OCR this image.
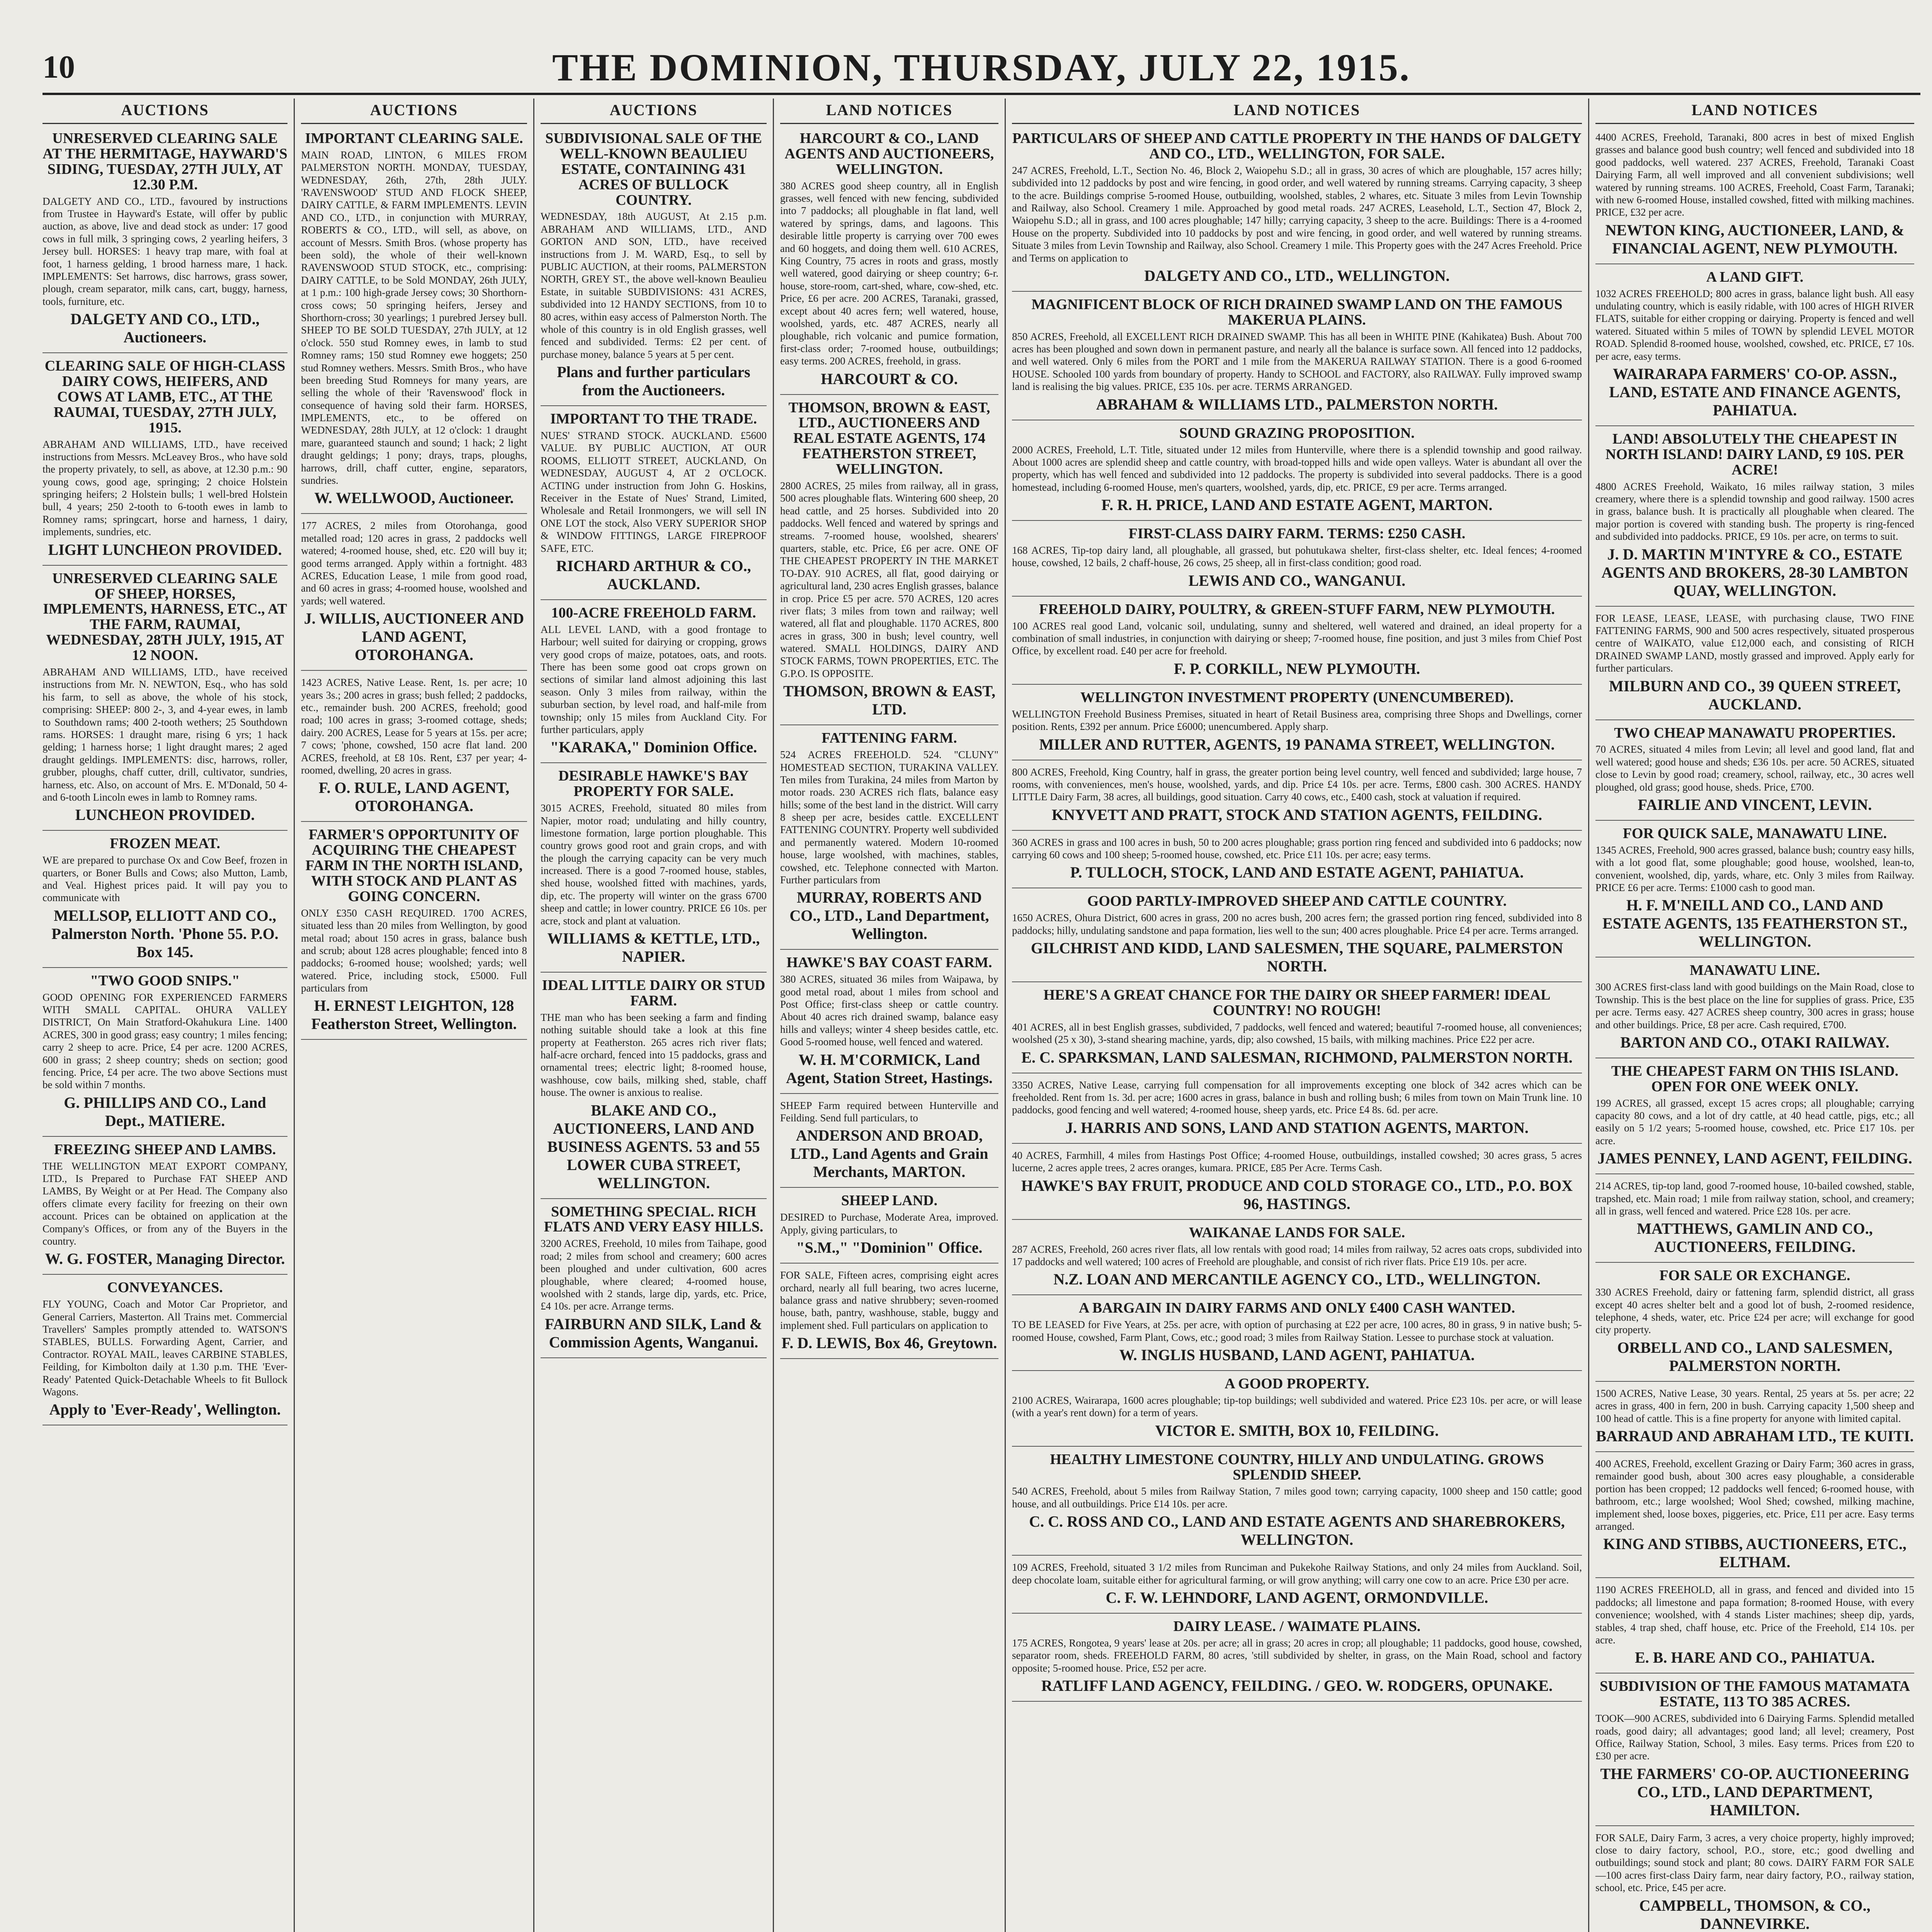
10	THE DOMINION, THURSDAY, JULY 22, 1915.
AUCTIONS
UNRESERVED CLEARING SALE AT THE HERMITAGE, HAYWARD'S SIDING, TUESDAY, 27TH JULY, AT 12.30 P.M.

DALGETY AND CO., LTD., favoured by instructions from Trustee in Hayward's Estate, will offer by public auction, as above, live and dead stock as under: 17 good cows in full milk, 3 springing cows, 2 yearling heifers, 3 Jersey bull. HORSES: 1 heavy trap mare, with foal at foot, 1 harness gelding, 1 brood harness mare, 1 hack. IMPLEMENTS: Set harrows, disc harrows, grass sower, plough, cream separator, milk cans, cart, buggy, harness, tools, furniture, etc.

DALGETY AND CO., LTD., Auctioneers.
CLEARING SALE OF HIGH-CLASS DAIRY COWS, HEIFERS, AND COWS AT LAMB, ETC., AT THE RAUMAI, TUESDAY, 27TH JULY, 1915.

ABRAHAM AND WILLIAMS, LTD., have received instructions from Messrs. McLeavey Bros., who have sold the property privately, to sell, as above, at 12.30 p.m.: 90 young cows, good age, springing; 2 choice Holstein springing heifers; 2 Holstein bulls; 1 well-bred Holstein bull, 4 years; 250 2-tooth to 6-tooth ewes in lamb to Romney rams; springcart, horse and harness, 1 dairy, implements, sundries, etc.

LIGHT LUNCHEON PROVIDED.
UNRESERVED CLEARING SALE OF SHEEP, HORSES, IMPLEMENTS, HARNESS, ETC., AT THE FARM, RAUMAI, WEDNESDAY, 28TH JULY, 1915, AT 12 NOON.

ABRAHAM AND WILLIAMS, LTD., have received instructions from Mr. N. NEWTON, Esq., who has sold his farm, to sell as above, the whole of his stock, comprising: SHEEP: 800 2-, 3, and 4-year ewes, in lamb to Southdown rams; 400 2-tooth wethers; 25 Southdown rams. HORSES: 1 draught mare, rising 6 yrs; 1 hack gelding; 1 harness horse; 1 light draught mares; 2 aged draught geldings. IMPLEMENTS: disc, harrows, roller, grubber, ploughs, chaff cutter, drill, cultivator, sundries, harness, etc. Also, on account of Mrs. E. M'Donald, 50 4- and 6-tooth Lincoln ewes in lamb to Romney rams.

LUNCHEON PROVIDED.
FROZEN MEAT.

WE are prepared to purchase Ox and Cow Beef, frozen in quarters, or Boner Bulls and Cows; also Mutton, Lamb, and Veal. Highest prices paid. It will pay you to communicate with

MELLSOP, ELLIOTT AND CO., Palmerston North. 'Phone 55. P.O. Box 145.
"TWO GOOD SNIPS."

GOOD OPENING FOR EXPERIENCED FARMERS WITH SMALL CAPITAL. OHURA VALLEY DISTRICT, On Main Stratford-Okahukura Line. 1400 ACRES, 300 in good grass; easy country; 1 miles fencing; carry 2 sheep to acre. Price, £4 per acre. 1200 ACRES, 600 in grass; 2 sheep country; sheds on section; good fencing. Price, £4 per acre. The two above Sections must be sold within 7 months.

G. PHILLIPS AND CO., Land Dept., MATIERE.
FREEZING SHEEP AND LAMBS.

THE WELLINGTON MEAT EXPORT COMPANY, LTD., Is Prepared to Purchase FAT SHEEP AND LAMBS, By Weight or at Per Head. The Company also offers climate every facility for freezing on their own account. Prices can be obtained on application at the Company's Offices, or from any of the Buyers in the country.

W. G. FOSTER, Managing Director.
CONVEYANCES.

FLY YOUNG, Coach and Motor Car Proprietor, and General Carriers, Masterton. All Trains met. Commercial Travellers' Samples promptly attended to. WATSON'S STABLES, BULLS. Forwarding Agent, Carrier, and Contractor. ROYAL MAIL, leaves CARBINE STABLES, Feilding, for Kimbolton daily at 1.30 p.m. THE 'Ever-Ready' Patented Quick-Detachable Wheels to fit Bullock Wagons.

Apply to 'Ever-Ready', Wellington.
AUCTIONS
IMPORTANT CLEARING SALE.

MAIN ROAD, LINTON, 6 MILES FROM PALMERSTON NORTH. MONDAY, TUESDAY, WEDNESDAY, 26th, 27th, 28th JULY. 'RAVENSWOOD' STUD AND FLOCK SHEEP, DAIRY CATTLE, & FARM IMPLEMENTS. LEVIN AND CO., LTD., in conjunction with MURRAY, ROBERTS & CO., LTD., will sell, as above, on account of Messrs. Smith Bros. (whose property has been sold), the whole of their well-known RAVENSWOOD STUD STOCK, etc., comprising: DAIRY CATTLE, to be Sold MONDAY, 26th JULY, at 1 p.m.: 100 high-grade Jersey cows; 30 Shorthorn-cross cows; 50 springing heifers, Jersey and Shorthorn-cross; 30 yearlings; 1 purebred Jersey bull. SHEEP TO BE SOLD TUESDAY, 27th JULY, at 12 o'clock. 550 stud Romney ewes, in lamb to stud Romney rams; 150 stud Romney ewe hoggets; 250 stud Romney wethers. Messrs. Smith Bros., who have been breeding Stud Romneys for many years, are selling the whole of their 'Ravenswood' flock in consequence of having sold their farm. HORSES, IMPLEMENTS, etc., to be offered on WEDNESDAY, 28th JULY, at 12 o'clock: 1 draught mare, guaranteed staunch and sound; 1 hack; 2 light draught geldings; 1 pony; drays, traps, ploughs, harrows, drill, chaff cutter, engine, separators, sundries.

W. WELLWOOD, Auctioneer.

177 ACRES, 2 miles from Otorohanga, good metalled road; 120 acres in grass, 2 paddocks well watered; 4-roomed house, shed, etc. £20 will buy it; good terms arranged. Apply within a fortnight. 483 ACRES, Education Lease, 1 mile from good road, and 60 acres in grass; 4-roomed house, woolshed and yards; well watered.

J. WILLIS, AUCTIONEER AND LAND AGENT, OTOROHANGA.

1423 ACRES, Native Lease. Rent, 1s. per acre; 10 years 3s.; 200 acres in grass; bush felled; 2 paddocks, etc., remainder bush. 200 ACRES, freehold; good road; 100 acres in grass; 3-roomed cottage, sheds; dairy. 200 ACRES, Lease for 5 years at 15s. per acre; 7 cows; 'phone, cowshed, 150 acre flat land. 200 ACRES, freehold, at £8 10s. Rent, £37 per year; 4-roomed, dwelling, 20 acres in grass.

F. O. RULE, LAND AGENT, OTOROHANGA.
FARMER'S OPPORTUNITY OF ACQUIRING THE CHEAPEST FARM IN THE NORTH ISLAND, WITH STOCK AND PLANT AS GOING CONCERN.

ONLY £350 CASH REQUIRED. 1700 ACRES, situated less than 20 miles from Wellington, by good metal road; about 150 acres in grass, balance bush and scrub; about 128 acres ploughable; fenced into 8 paddocks; 6-roomed house; woolshed; yards; well watered. Price, including stock, £5000. Full particulars from

H. ERNEST LEIGHTON, 128 Featherston Street, Wellington.
AUCTIONS
SUBDIVISIONAL SALE OF THE WELL-KNOWN BEAULIEU ESTATE, CONTAINING 431 ACRES OF BULLOCK COUNTRY.

WEDNESDAY, 18th AUGUST, At 2.15 p.m. ABRAHAM AND WILLIAMS, LTD., AND GORTON AND SON, LTD., have received instructions from J. M. WARD, Esq., to sell by PUBLIC AUCTION, at their rooms, PALMERSTON NORTH, GREY ST., the above well-known Beaulieu Estate, in suitable SUBDIVISIONS: 431 ACRES, subdivided into 12 HANDY SECTIONS, from 10 to 80 acres, within easy access of Palmerston North. The whole of this country is in old English grasses, well fenced and subdivided. Terms: £2 per cent. of purchase money, balance 5 years at 5 per cent.

Plans and further particulars from the Auctioneers.
IMPORTANT TO THE TRADE.

NUES' STRAND STOCK. AUCKLAND. £5600 VALUE. BY PUBLIC AUCTION, AT OUR ROOMS, ELLIOTT STREET, AUCKLAND, On WEDNESDAY, AUGUST 4, AT 2 O'CLOCK. ACTING under instruction from John G. Hoskins, Receiver in the Estate of Nues' Strand, Limited, Wholesale and Retail Ironmongers, we will sell IN ONE LOT the stock, Also VERY SUPERIOR SHOP & WINDOW FITTINGS, LARGE FIREPROOF SAFE, ETC.

RICHARD ARTHUR & CO., AUCKLAND.
100-ACRE FREEHOLD FARM.

ALL LEVEL LAND, with a good frontage to Harbour; well suited for dairying or cropping, grows very good crops of maize, potatoes, oats, and roots. There has been some good oat crops grown on sections of similar land almost adjoining this last season. Only 3 miles from railway, within the suburban section, by level road, and half-mile from township; only 15 miles from Auckland City. For further particulars, apply

"KARAKA," Dominion Office.
DESIRABLE HAWKE'S BAY PROPERTY FOR SALE.

3015 ACRES, Freehold, situated 80 miles from Napier, motor road; undulating and hilly country, limestone formation, large portion ploughable. This country grows good root and grain crops, and with the plough the carrying capacity can be very much increased. There is a good 7-roomed house, stables, shed house, woolshed fitted with machines, yards, dip, etc. The property will winter on the grass 6700 sheep and cattle; in lower country. PRICE £6 10s. per acre, stock and plant at valuation.

WILLIAMS & KETTLE, LTD., NAPIER.
IDEAL LITTLE DAIRY OR STUD FARM.

THE man who has been seeking a farm and finding nothing suitable should take a look at this fine property at Featherston. 265 acres rich river flats; half-acre orchard, fenced into 15 paddocks, grass and ornamental trees; electric light; 8-roomed house, washhouse, cow bails, milking shed, stable, chaff house. The owner is anxious to realise.

BLAKE AND CO., AUCTIONEERS, LAND AND BUSINESS AGENTS. 53 and 55 LOWER CUBA STREET, WELLINGTON.
SOMETHING SPECIAL. RICH FLATS AND VERY EASY HILLS.

3200 ACRES, Freehold, 10 miles from Taihape, good road; 2 miles from school and creamery; 600 acres been ploughed and under cultivation, 600 acres ploughable, where cleared; 4-roomed house, woolshed with 2 stands, large dip, yards, etc. Price, £4 10s. per acre. Arrange terms.

FAIRBURN AND SILK, Land & Commission Agents, Wanganui.
LAND NOTICES
HARCOURT & CO., LAND AGENTS AND AUCTIONEERS, WELLINGTON.

380 ACRES good sheep country, all in English grasses, well fenced with new fencing, subdivided into 7 paddocks; all ploughable in flat land, well watered by springs, dams, and lagoons. This desirable little property is carrying over 700 ewes and 60 hoggets, and doing them well. 610 ACRES, King Country, 75 acres in roots and grass, mostly well watered, good dairying or sheep country; 6-r. house, store-room, cart-shed, whare, cow-shed, etc. Price, £6 per acre. 200 ACRES, Taranaki, grassed, except about 40 acres fern; well watered, house, woolshed, yards, etc. 487 ACRES, nearly all ploughable, rich volcanic and pumice formation, first-class order; 7-roomed house, outbuildings; easy terms. 200 ACRES, freehold, in grass.

HARCOURT & CO.
THOMSON, BROWN & EAST, LTD., AUCTIONEERS AND REAL ESTATE AGENTS, 174 FEATHERSTON STREET, WELLINGTON.

2800 ACRES, 25 miles from railway, all in grass, 500 acres ploughable flats. Wintering 600 sheep, 20 head cattle, and 25 horses. Subdivided into 20 paddocks. Well fenced and watered by springs and streams. 7-roomed house, woolshed, shearers' quarters, stable, etc. Price, £6 per acre. ONE OF THE CHEAPEST PROPERTY IN THE MARKET TO-DAY. 910 ACRES, all flat, good dairying or agricultural land, 230 acres English grasses, balance in crop. Price £5 per acre. 570 ACRES, 120 acres river flats; 3 miles from town and railway; well watered, all flat and ploughable. 1170 ACRES, 800 acres in grass, 300 in bush; level country, well watered. SMALL HOLDINGS, DAIRY AND STOCK FARMS, TOWN PROPERTIES, ETC. The G.P.O. IS OPPOSITE.

THOMSON, BROWN & EAST, LTD.
FATTENING FARM.

524 ACRES FREEHOLD. 524. "CLUNY" HOMESTEAD SECTION, TURAKINA VALLEY. Ten miles from Turakina, 24 miles from Marton by motor roads. 230 ACRES rich flats, balance easy hills; some of the best land in the district. Will carry 8 sheep per acre, besides cattle. EXCELLENT FATTENING COUNTRY. Property well subdivided and permanently watered. Modern 10-roomed house, large woolshed, with machines, stables, cowshed, etc. Telephone connected with Marton. Further particulars from

MURRAY, ROBERTS AND CO., LTD., Land Department, Wellington.
HAWKE'S BAY COAST FARM.

380 ACRES, situated 36 miles from Waipawa, by good metal road, about 1 miles from school and Post Office; first-class sheep or cattle country. About 40 acres rich drained swamp, balance easy hills and valleys; winter 4 sheep besides cattle, etc. Good 5-roomed house, well fenced and watered.

W. H. M'CORMICK, Land Agent, Station Street, Hastings.

SHEEP Farm required between Hunterville and Feilding. Send full particulars, to

ANDERSON AND BROAD, LTD., Land Agents and Grain Merchants, MARTON.
SHEEP LAND.

DESIRED to Purchase, Moderate Area, improved. Apply, giving particulars, to

"S.M.," "Dominion" Office.

FOR SALE, Fifteen acres, comprising eight acres orchard, nearly all full bearing, two acres lucerne, balance grass and native shrubbery; seven-roomed house, bath, pantry, washhouse, stable, buggy and implement shed. Full particulars on application to

F. D. LEWIS, Box 46, Greytown.
LAND NOTICES
PARTICULARS OF SHEEP AND CATTLE PROPERTY IN THE HANDS OF DALGETY AND CO., LTD., WELLINGTON, FOR SALE.

247 ACRES, Freehold, L.T., Section No. 46, Block 2, Waiopehu S.D.; all in grass, 30 acres of which are ploughable, 157 acres hilly; subdivided into 12 paddocks by post and wire fencing, in good order, and well watered by running streams. Carrying capacity, 3 sheep to the acre. Buildings comprise 5-roomed House, outbuilding, woolshed, stables, 2 whares, etc. Situate 3 miles from Levin Township and Railway, also School. Creamery 1 mile. Approached by good metal roads. 247 ACRES, Leasehold, L.T., Section 47, Block 2, Waiopehu S.D.; all in grass, and 100 acres ploughable; 147 hilly; carrying capacity, 3 sheep to the acre. Buildings: There is a 4-roomed House on the property. Subdivided into 10 paddocks by post and wire fencing, in good order, and well watered by running streams. Situate 3 miles from Levin Township and Railway, also School. Creamery 1 mile. This Property goes with the 247 Acres Freehold. Price and Terms on application to

DALGETY AND CO., LTD., WELLINGTON.
MAGNIFICENT BLOCK OF RICH DRAINED SWAMP LAND ON THE FAMOUS MAKERUA PLAINS.

850 ACRES, Freehold, all EXCELLENT RICH DRAINED SWAMP. This has all been in WHITE PINE (Kahikatea) Bush. About 700 acres has been ploughed and sown down in permanent pasture, and nearly all the balance is surface sown. All fenced into 12 paddocks, and well watered. Only 6 miles from the PORT and 1 mile from the MAKERUA RAILWAY STATION. There is a good 6-roomed HOUSE. Schooled 100 yards from boundary of property. Handy to SCHOOL and FACTORY, also RAILWAY. Fully improved swamp land is realising the big values. PRICE, £35 10s. per acre. TERMS ARRANGED.

ABRAHAM & WILLIAMS LTD., PALMERSTON NORTH.
SOUND GRAZING PROPOSITION.

2000 ACRES, Freehold, L.T. Title, situated under 12 miles from Hunterville, where there is a splendid township and good railway. About 1000 acres are splendid sheep and cattle country, with broad-topped hills and wide open valleys. Water is abundant all over the property, which has well fenced and subdivided into 12 paddocks. The property is subdivided into several paddocks. There is a good homestead, including 6-roomed House, men's quarters, woolshed, yards, dip, etc. PRICE, £9 per acre. Terms arranged.

F. R. H. PRICE, LAND AND ESTATE AGENT, MARTON.
FIRST-CLASS DAIRY FARM. TERMS: £250 CASH.

168 ACRES, Tip-top dairy land, all ploughable, all grassed, but pohutukawa shelter, first-class shelter, etc. Ideal fences; 4-roomed house, cowshed, 12 bails, 2 chaff-house, 26 cows, 25 sheep, all in first-class condition; good road.

LEWIS AND CO., WANGANUI.
FREEHOLD DAIRY, POULTRY, & GREEN-STUFF FARM, NEW PLYMOUTH.

100 ACRES real good Land, volcanic soil, undulating, sunny and sheltered, well watered and drained, an ideal property for a combination of small industries, in conjunction with dairying or sheep; 7-roomed house, fine position, and just 3 miles from Chief Post Office, by excellent road. £40 per acre for freehold.

F. P. CORKILL, NEW PLYMOUTH.
WELLINGTON INVESTMENT PROPERTY (UNENCUMBERED).

WELLINGTON Freehold Business Premises, situated in heart of Retail Business area, comprising three Shops and Dwellings, corner position. Rents, £392 per annum. Price £6000; unencumbered. Apply sharp.

MILLER AND RUTTER, AGENTS, 19 PANAMA STREET, WELLINGTON.

800 ACRES, Freehold, King Country, half in grass, the greater portion being level country, well fenced and subdivided; large house, 7 rooms, with conveniences, men's house, woolshed, yards, and dip. Price £4 10s. per acre. Terms, £800 cash. 300 ACRES. HANDY LITTLE Dairy Farm, 38 acres, all buildings, good situation. Carry 40 cows, etc., £400 cash, stock at valuation if required.

KNYVETT AND PRATT, STOCK AND STATION AGENTS, FEILDING.

360 ACRES in grass and 100 acres in bush, 50 to 200 acres ploughable; grass portion ring fenced and subdivided into 6 paddocks; now carrying 60 cows and 100 sheep; 5-roomed house, cowshed, etc. Price £11 10s. per acre; easy terms.

P. TULLOCH, STOCK, LAND AND ESTATE AGENT, PAHIATUA.
GOOD PARTLY-IMPROVED SHEEP AND CATTLE COUNTRY.

1650 ACRES, Ohura District, 600 acres in grass, 200 no acres bush, 200 acres fern; the grassed portion ring fenced, subdivided into 8 paddocks; hilly, undulating sandstone and papa formation, lies well to the sun; 400 acres ploughable. Price £4 per acre. Terms arranged.

GILCHRIST AND KIDD, LAND SALESMEN, THE SQUARE, PALMERSTON NORTH.
HERE'S A GREAT CHANCE FOR THE DAIRY OR SHEEP FARMER! IDEAL COUNTRY! NO ROUGH!

401 ACRES, all in best English grasses, subdivided, 7 paddocks, well fenced and watered; beautiful 7-roomed house, all conveniences; woolshed (25 x 30), 3-stand shearing machine, yards, dip; also cowshed, 15 bails, with milking machines. Price £22 per acre.

E. C. SPARKSMAN, LAND SALESMAN, RICHMOND, PALMERSTON NORTH.

3350 ACRES, Native Lease, carrying full compensation for all improvements excepting one block of 342 acres which can be freeholded. Rent from 1s. 3d. per acre; 1600 acres in grass, balance in bush and rolling bush; 6 miles from town on Main Trunk line. 10 paddocks, good fencing and well watered; 4-roomed house, sheep yards, etc. Price £4 8s. 6d. per acre.

J. HARRIS AND SONS, LAND AND STATION AGENTS, MARTON.

40 ACRES, Farmhill, 4 miles from Hastings Post Office; 4-roomed House, outbuildings, installed cowshed; 30 acres grass, 5 acres lucerne, 2 acres apple trees, 2 acres oranges, kumara. PRICE, £85 Per Acre. Terms Cash.

HAWKE'S BAY FRUIT, PRODUCE AND COLD STORAGE CO., LTD., P.O. BOX 96, HASTINGS.
WAIKANAE LANDS FOR SALE.

287 ACRES, Freehold, 260 acres river flats, all low rentals with good road; 14 miles from railway, 52 acres oats crops, subdivided into 17 paddocks and well watered; 100 acres of Freehold are ploughable, and consist of rich river flats. Price £19 10s. per acre.

N.Z. LOAN AND MERCANTILE AGENCY CO., LTD., WELLINGTON.
A BARGAIN IN DAIRY FARMS AND ONLY £400 CASH WANTED.

TO BE LEASED for Five Years, at 25s. per acre, with option of purchasing at £22 per acre, 100 acres, 80 in grass, 9 in native bush; 5-roomed House, cowshed, Farm Plant, Cows, etc.; good road; 3 miles from Railway Station. Lessee to purchase stock at valuation.

W. INGLIS HUSBAND, LAND AGENT, PAHIATUA.
A GOOD PROPERTY.

2100 ACRES, Wairarapa, 1600 acres ploughable; tip-top buildings; well subdivided and watered. Price £23 10s. per acre, or will lease (with a year's rent down) for a term of years.

VICTOR E. SMITH, BOX 10, FEILDING.
HEALTHY LIMESTONE COUNTRY, HILLY AND UNDULATING. GROWS SPLENDID SHEEP.

540 ACRES, Freehold, about 5 miles from Railway Station, 7 miles good town; carrying capacity, 1000 sheep and 150 cattle; good house, and all outbuildings. Price £14 10s. per acre.

C. C. ROSS AND CO., LAND AND ESTATE AGENTS AND SHAREBROKERS, WELLINGTON.

109 ACRES, Freehold, situated 3 1/2 miles from Runciman and Pukekohe Railway Stations, and only 24 miles from Auckland. Soil, deep chocolate loam, suitable either for agricultural farming, or will grow anything; will carry one cow to an acre. Price £30 per acre.

C. F. W. LEHNDORF, LAND AGENT, ORMONDVILLE.
DAIRY LEASE. / WAIMATE PLAINS.

175 ACRES, Rongotea, 9 years' lease at 20s. per acre; all in grass; 20 acres in crop; all ploughable; 11 paddocks, good house, cowshed, separator room, sheds. FREEHOLD FARM, 80 acres, 'still subdivided by shelter, in grass, on the Main Road, school and factory opposite; 5-roomed house. Price, £52 per acre.

RATLIFF LAND AGENCY, FEILDING. / GEO. W. RODGERS, OPUNAKE.
LAND NOTICES

4400 ACRES, Freehold, Taranaki, 800 acres in best of mixed English grasses and balance good bush country; well fenced and subdivided into 18 good paddocks, well watered. 237 ACRES, Freehold, Taranaki Coast Dairying Farm, all well improved and all convenient subdivisions; well watered by running streams. 100 ACRES, Freehold, Coast Farm, Taranaki; with new 6-roomed House, installed cowshed, fitted with milking machines. PRICE, £32 per acre.

NEWTON KING, AUCTIONEER, LAND, & FINANCIAL AGENT, NEW PLYMOUTH.
A LAND GIFT.

1032 ACRES FREEHOLD; 800 acres in grass, balance light bush. All easy undulating country, which is easily ridable, with 100 acres of HIGH RIVER FLATS, suitable for either cropping or dairying. Property is fenced and well watered. Situated within 5 miles of TOWN by splendid LEVEL MOTOR ROAD. Splendid 8-roomed house, woolshed, cowshed, etc. PRICE, £7 10s. per acre, easy terms.

WAIRARAPA FARMERS' CO-OP. ASSN., LAND, ESTATE AND FINANCE AGENTS, PAHIATUA.
LAND! ABSOLUTELY THE CHEAPEST IN NORTH ISLAND! DAIRY LAND, £9 10S. PER ACRE!

4800 ACRES Freehold, Waikato, 16 miles railway station, 3 miles creamery, where there is a splendid township and good railway. 1500 acres in grass, balance bush. It is practically all ploughable when cleared. The major portion is covered with standing bush. The property is ring-fenced and subdivided into paddocks. PRICE, £9 10s. per acre, on terms to suit.

J. D. MARTIN M'INTYRE & CO., ESTATE AGENTS AND BROKERS, 28-30 LAMBTON QUAY, WELLINGTON.

FOR LEASE, LEASE, LEASE, with purchasing clause, TWO FINE FATTENING FARMS, 900 and 500 acres respectively, situated prosperous centre of WAIKATO, value £12,000 each, and consisting of RICH DRAINED SWAMP LAND, mostly grassed and improved. Apply early for further particulars.

MILBURN AND CO., 39 QUEEN STREET, AUCKLAND.
TWO CHEAP MANAWATU PROPERTIES.

70 ACRES, situated 4 miles from Levin; all level and good land, flat and well watered; good house and sheds; £36 10s. per acre. 50 ACRES, situated close to Levin by good road; creamery, school, railway, etc., 30 acres well ploughed, old grass; good house, sheds. Price, £700.

FAIRLIE AND VINCENT, LEVIN.
FOR QUICK SALE, MANAWATU LINE.

1345 ACRES, Freehold, 900 acres grassed, balance bush; country easy hills, with a lot good flat, some ploughable; good house, woolshed, lean-to, convenient, woolshed, dip, yards, whare, etc. Only 3 miles from Railway. PRICE £6 per acre. Terms: £1000 cash to good man.

H. F. M'NEILL AND CO., LAND AND ESTATE AGENTS, 135 FEATHERSTON ST., WELLINGTON.
MANAWATU LINE.

300 ACRES first-class land with good buildings on the Main Road, close to Township. This is the best place on the line for supplies of grass. Price, £35 per acre. Terms easy. 427 ACRES sheep country, 300 acres in grass; house and other buildings. Price, £8 per acre. Cash required, £700.

BARTON AND CO., OTAKI RAILWAY.
THE CHEAPEST FARM ON THIS ISLAND. OPEN FOR ONE WEEK ONLY.

199 ACRES, all grassed, except 15 acres crops; all ploughable; carrying capacity 80 cows, and a lot of dry cattle, at 40 head cattle, pigs, etc.; all easily on 5 1/2 years; 5-roomed house, cowshed, etc. Price £17 10s. per acre.

JAMES PENNEY, LAND AGENT, FEILDING.

214 ACRES, tip-top land, good 7-roomed house, 10-bailed cowshed, stable, trapshed, etc. Main road; 1 mile from railway station, school, and creamery; all in grass, well fenced and watered. Price £28 10s. per acre.

MATTHEWS, GAMLIN AND CO., AUCTIONEERS, FEILDING.
FOR SALE OR EXCHANGE.

330 ACRES Freehold, dairy or fattening farm, splendid district, all grass except 40 acres shelter belt and a good lot of bush, 2-roomed residence, telephone, 4 sheds, water, etc. Price £24 per acre; will exchange for good city property.

ORBELL AND CO., LAND SALESMEN, PALMERSTON NORTH.

1500 ACRES, Native Lease, 30 years. Rental, 25 years at 5s. per acre; 22 acres in grass, 400 in fern, 200 in bush. Carrying capacity 1,500 sheep and 100 head of cattle. This is a fine property for anyone with limited capital.

BARRAUD AND ABRAHAM LTD., TE KUITI.

400 ACRES, Freehold, excellent Grazing or Dairy Farm; 360 acres in grass, remainder good bush, about 300 acres easy ploughable, a considerable portion has been cropped; 12 paddocks well fenced; 6-roomed house, with bathroom, etc.; large woolshed; Wool Shed; cowshed, milking machine, implement shed, loose boxes, piggeries, etc. Price, £11 per acre. Easy terms arranged.

KING AND STIBBS, AUCTIONEERS, ETC., ELTHAM.

1190 ACRES FREEHOLD, all in grass, and fenced and divided into 15 paddocks; all limestone and papa formation; 8-roomed House, with every convenience; woolshed, with 4 stands Lister machines; sheep dip, yards, stables, 4 trap shed, chaff house, etc. Price of the Freehold, £14 10s. per acre.

E. B. HARE AND CO., PAHIATUA.
SUBDIVISION OF THE FAMOUS MATAMATA ESTATE, 113 TO 385 ACRES.

TOOK—900 ACRES, subdivided into 6 Dairying Farms. Splendid metalled roads, good dairy; all advantages; good land; all level; creamery, Post Office, Railway Station, School, 3 miles. Easy terms. Prices from £20 to £30 per acre.

THE FARMERS' CO-OP. AUCTIONEERING CO., LTD., LAND DEPARTMENT, HAMILTON.

FOR SALE, Dairy Farm, 3 acres, a very choice property, highly improved; close to dairy factory, school, P.O., store, etc.; good dwelling and outbuildings; sound stock and plant; 80 cows. DAIRY FARM FOR SALE—100 acres first-class Dairy farm, near dairy factory, P.O., railway station, school, etc. Price, £45 per acre.

CAMPBELL, THOMSON, & CO., DANNEVIRKE.
